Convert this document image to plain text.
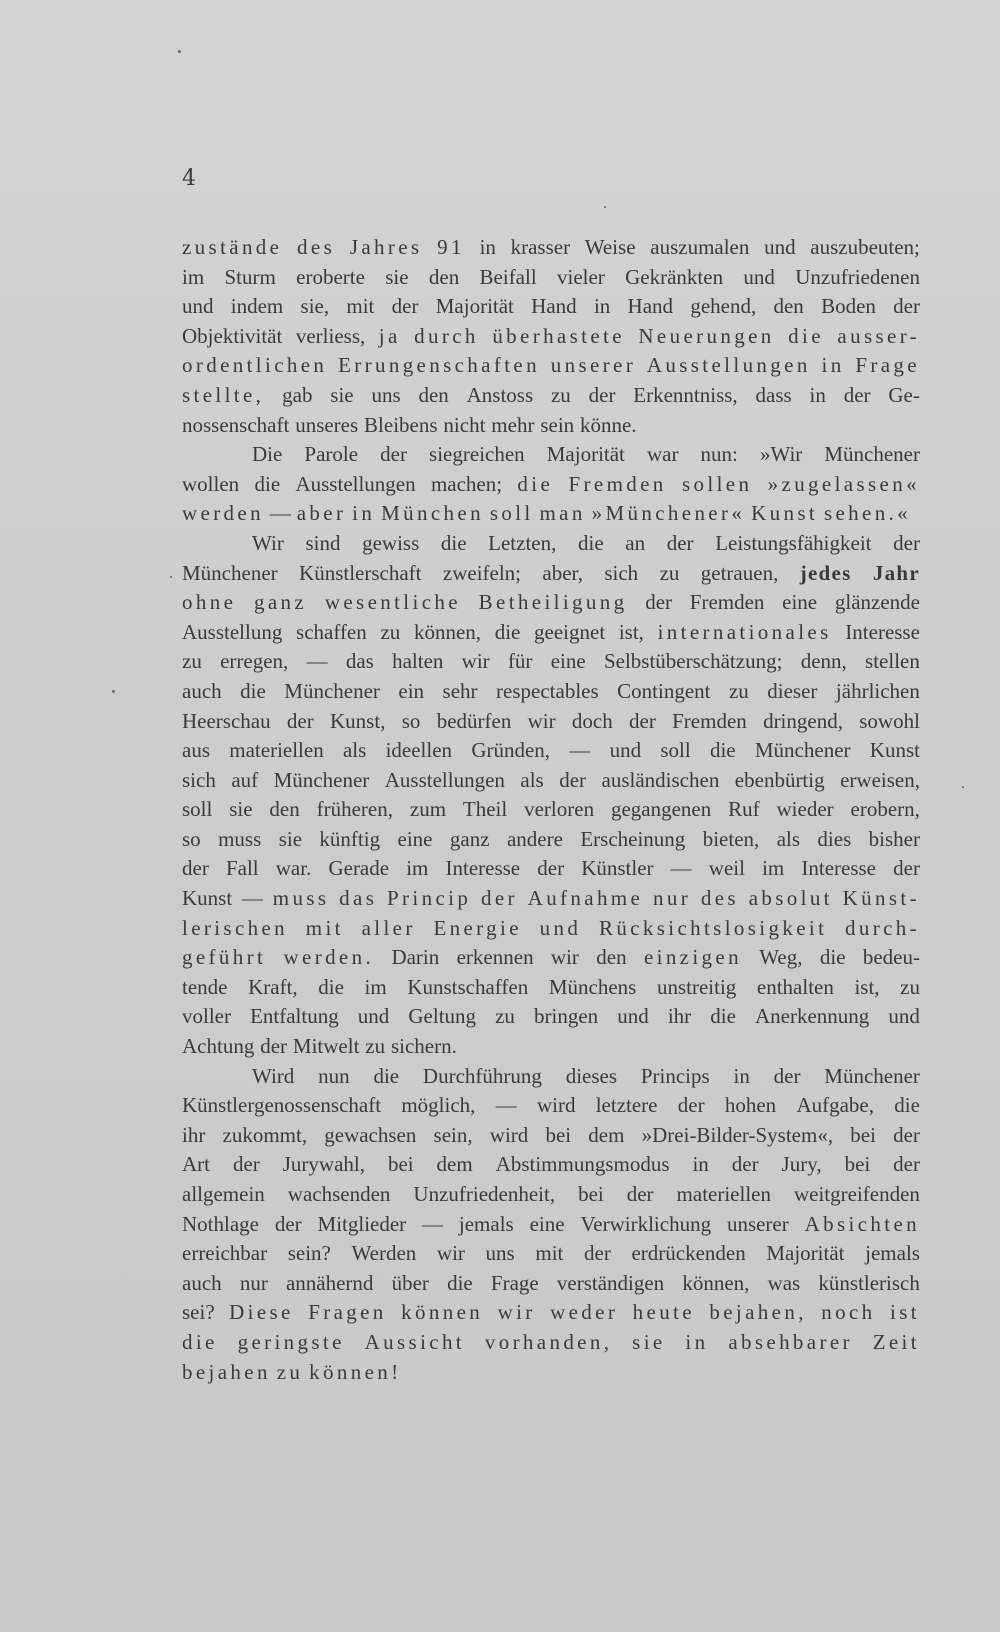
4
zustände des Jahres 91 in krasser Weise auszumalen und auszubeuten;
im Sturm eroberte sie den Beifall vieler Gekränkten und Unzufriedenen
und indem sie, mit der Majorität Hand in Hand gehend, den Boden der
Objektivität verliess, ja durch überhastete Neuerungen die ausser-
ordentlichen Errungenschaften unserer Ausstellungen in Frage
stellte, gab sie uns den Anstoss zu der Erkenntniss, dass in der Ge-
nossenschaft unseres Bleibens nicht mehr sein könne.
Die Parole der siegreichen Majorität war nun: »Wir Münchener
wollen die Ausstellungen machen; die Fremden sollen »zugelassen«
werden — aber in München soll man »Münchener« Kunst sehen.«
Wir sind gewiss die Letzten, die an der Leistungsfähigkeit der
Münchener Künstlerschaft zweifeln; aber, sich zu getrauen, jedes Jahr
ohne ganz wesentliche Betheiligung der Fremden eine glänzende
Ausstellung schaffen zu können, die geeignet ist, internationales Interesse
zu erregen, — das halten wir für eine Selbstüberschätzung; denn, stellen
auch die Münchener ein sehr respectables Contingent zu dieser jährlichen
Heerschau der Kunst, so bedürfen wir doch der Fremden dringend, sowohl
aus materiellen als ideellen Gründen, — und soll die Münchener Kunst
sich auf Münchener Ausstellungen als der ausländischen ebenbürtig erweisen,
soll sie den früheren, zum Theil verloren gegangenen Ruf wieder erobern,
so muss sie künftig eine ganz andere Erscheinung bieten, als dies bisher
der Fall war. Gerade im Interesse der Künstler — weil im Interesse der
Kunst — muss das Princip der Aufnahme nur des absolut Künst-
lerischen mit aller Energie und Rücksichtslosigkeit durch-
geführt werden. Darin erkennen wir den einzigen Weg, die bedeu-
tende Kraft, die im Kunstschaffen Münchens unstreitig enthalten ist, zu
voller Entfaltung und Geltung zu bringen und ihr die Anerkennung und
Achtung der Mitwelt zu sichern.
Wird nun die Durchführung dieses Princips in der Münchener
Künstlergenossenschaft möglich, — wird letztere der hohen Aufgabe, die
ihr zukommt, gewachsen sein, wird bei dem »Drei-Bilder-System«, bei der
Art der Jurywahl, bei dem Abstimmungsmodus in der Jury, bei der
allgemein wachsenden Unzufriedenheit, bei der materiellen weitgreifenden
Nothlage der Mitglieder — jemals eine Verwirklichung unserer Absichten
erreichbar sein? Werden wir uns mit der erdrückenden Majorität jemals
auch nur annähernd über die Frage verständigen können, was künstlerisch
sei? Diese Fragen können wir weder heute bejahen, noch ist
die geringste Aussicht vorhanden, sie in absehbarer Zeit
bejahen zu können!
